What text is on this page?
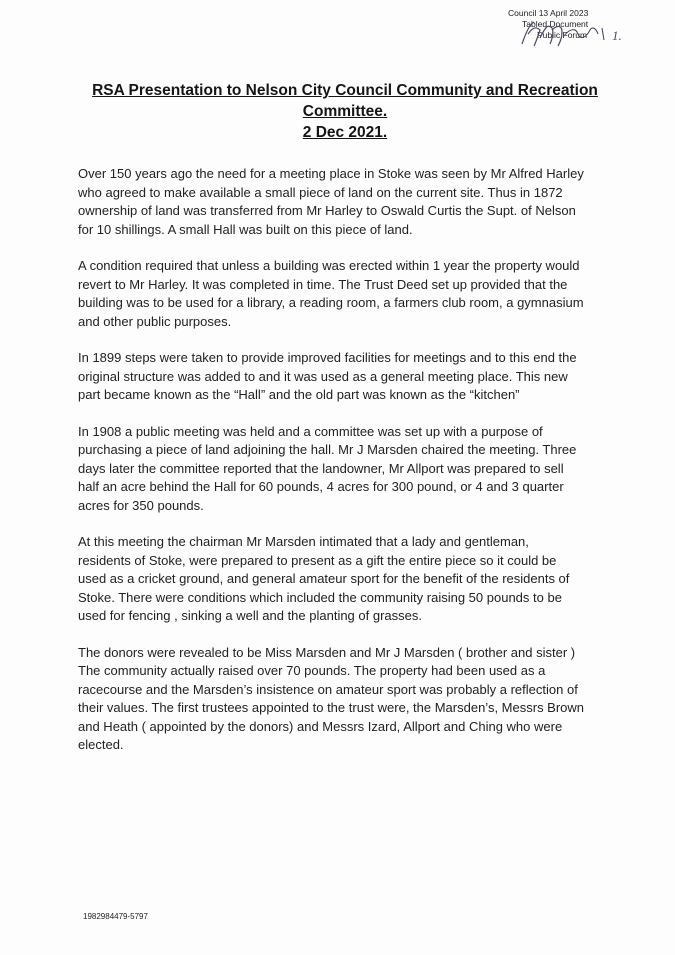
Council 13 April 2023
Tabled Document
Public Forum 1.
RSA Presentation to Nelson City Council Community and Recreation
Committee.
2 Dec 2021.
Over 150 years ago the need for a meeting place in Stoke was seen by Mr Alfred Harley
who agreed to make available a small piece of land on the current site. Thus in 1872
ownership of land was transferred from Mr Harley to Oswald Curtis the Supt. of Nelson
for 10 shillings. A small Hall was built on this piece of land.
A condition required that unless a building was erected within 1 year the property would
revert to Mr Harley. It was completed in time. The Trust Deed set up provided that the
building was to be used for a library, a reading room, a farmers club room, a gymnasium
and other public purposes.
In 1899 steps were taken to provide improved facilities for meetings and to this end the
original structure was added to and it was used as a general meeting place. This new
part became known as the “Hall” and the old part was known as the “kitchen”
In 1908 a public meeting was held and a committee was set up with a purpose of
purchasing a piece of land adjoining the hall. Mr J Marsden chaired the meeting. Three
days later the committee reported that the landowner, Mr Allport was prepared to sell
half an acre behind the Hall for 60 pounds, 4 acres for 300 pound, or 4 and 3 quarter
acres for 350 pounds.
At this meeting the chairman Mr Marsden intimated that a lady and gentleman,
residents of Stoke, were prepared to present as a gift the entire piece so it could be
used as a cricket ground, and general amateur sport for the benefit of the residents of
Stoke. There were conditions which included the community raising 50 pounds to be
used for fencing , sinking a well and the planting of grasses.
The donors were revealed to be Miss Marsden and Mr J Marsden ( brother and sister )
The community actually raised over 70 pounds. The property had been used as a
racecourse and the Marsden’s insistence on amateur sport was probably a reflection of
their values. The first trustees appointed to the trust were, the Marsden’s, Messrs Brown
and Heath ( appointed by the donors) and Messrs Izard, Allport and Ching who were
elected.
1982984479-5797
